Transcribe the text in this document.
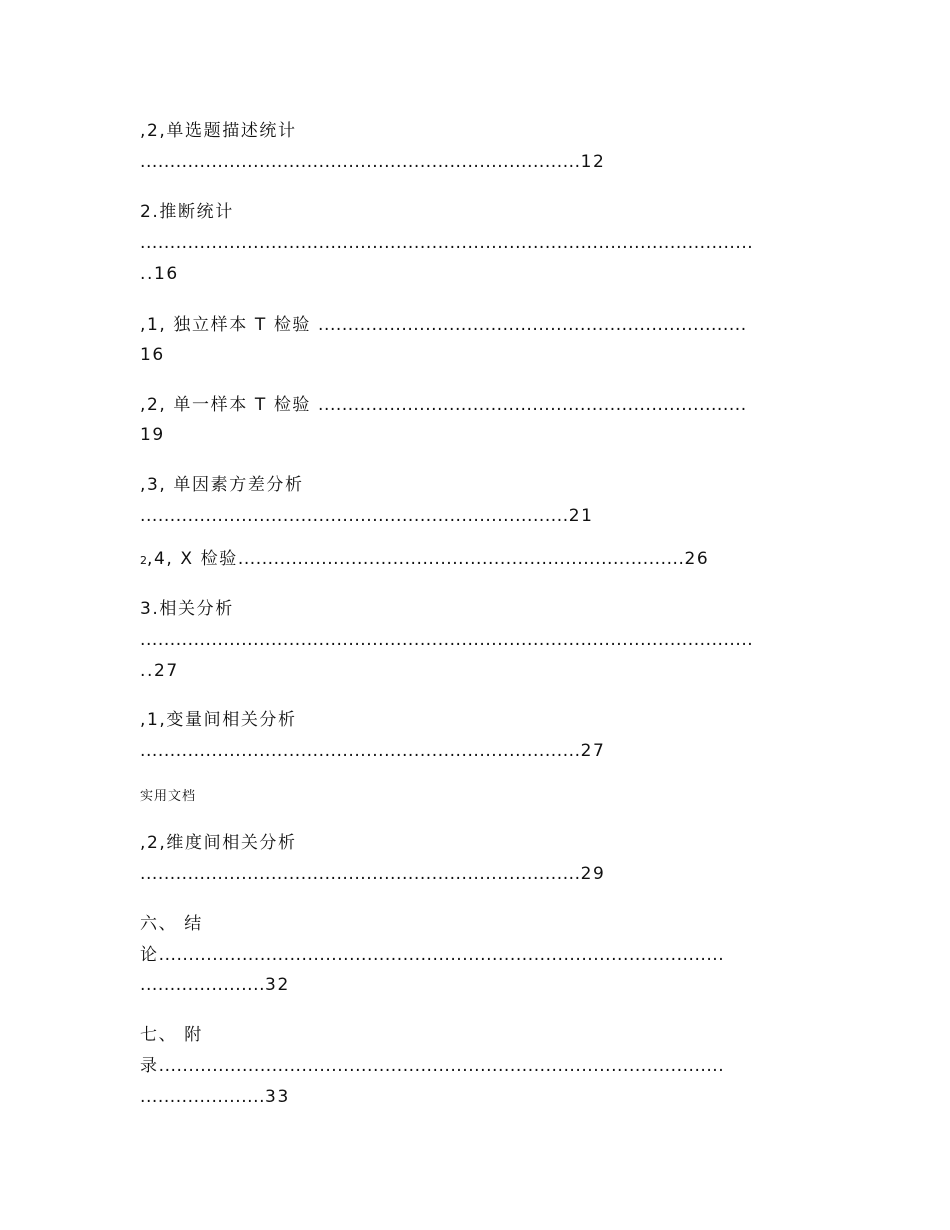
,2,单选题描述统计
..........................................................................12
2.推断统计
.......................................................................................................
..16
,1, 独立样本 T 检验 ........................................................................
16
,2, 单一样本 T 检验 ........................................................................
19
,3, 单因素方差分析
........................................................................21
2,4, X 检验...........................................................................26
3.相关分析
.......................................................................................................
..27
,1,变量间相关分析
..........................................................................27
实用文档
,2,维度间相关分析
..........................................................................29
六、 结
论...............................................................................................
.....................32
七、 附
录...............................................................................................
.....................33
